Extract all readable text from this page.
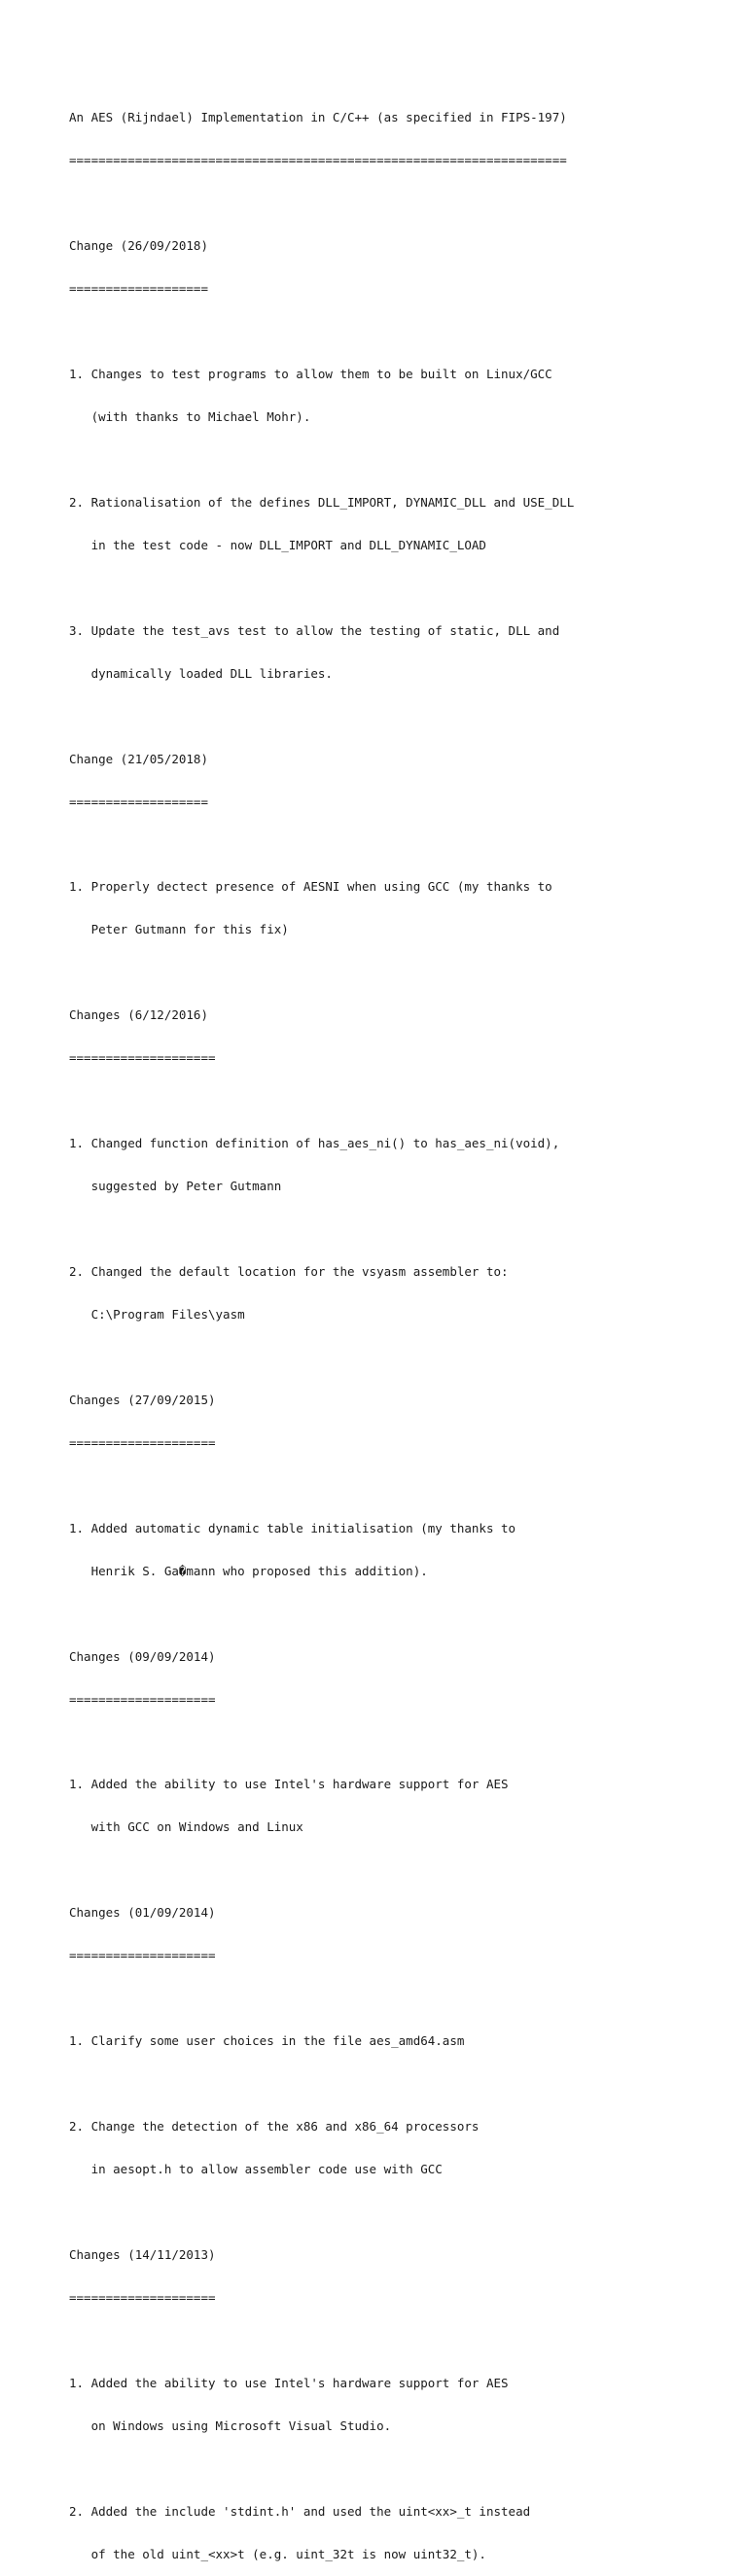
An AES (Rijndael) Implementation in C/C++ (as specified in FIPS-197)

====================================================================

Change (26/09/2018)

===================

1. Changes to test programs to allow them to be built on Linux/GCC

(with thanks to Michael Mohr).

2. Rationalisation of the defines DLL_IMPORT, DYNAMIC_DLL and USE_DLL

in the test code - now DLL_IMPORT and DLL_DYNAMIC_LOAD

3. Update the test_avs test to allow the testing of static, DLL and

dynamically loaded DLL libraries.

Change (21/05/2018)

===================

1. Properly dectect presence of AESNI when using GCC (my thanks to

Peter Gutmann for this fix)

Changes (6/12/2016)

====================

1. Changed function definition of has_aes_ni() to has_aes_ni(void),

suggested by Peter Gutmann

2. Changed the default location for the vsyasm assembler to:

C:\Program Files\yasm

Changes (27/09/2015)

====================

1. Added automatic dynamic table initialisation (my thanks to

Henrik S. Ga�mann who proposed this addition).

Changes (09/09/2014)

====================

1. Added the ability to use Intel's hardware support for AES

with GCC on Windows and Linux

Changes (01/09/2014)

====================

1. Clarify some user choices in the file aes_amd64.asm

2. Change the detection of the x86 and x86_64 processors

in aesopt.h to allow assembler code use with GCC

Changes (14/11/2013)

====================

1. Added the ability to use Intel's hardware support for AES

on Windows using Microsoft Visual Studio.

2. Added the include 'stdint.h' and used the uint<xx>_t instead

of the old uint_<xx>t (e.g. uint_32t is now uint32_t).
